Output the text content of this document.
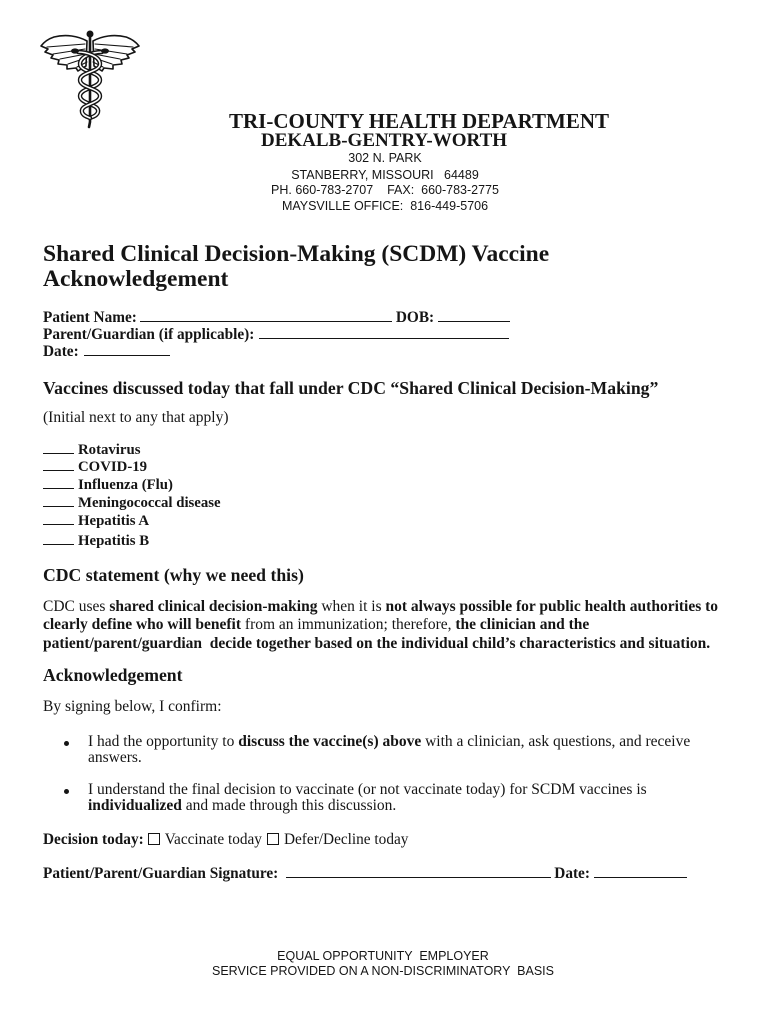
TRI-COUNTY HEALTH DEPARTMENT
DEKALB-GENTRY-WORTH
302 N. PARK
STANBERRY, MISSOURI   64489
PH. 660-783-2707    FAX:  660-783-2775
MAYSVILLE OFFICE:  816-449-5706
Shared Clinical Decision-Making (SCDM) Vaccine
Acknowledgement
Patient Name:	DOB:
Parent/Guardian (if applicable):
Date:
Vaccines discussed today that fall under CDC “Shared Clinical Decision-Making”
(Initial next to any that apply)
Rotavirus
COVID-19
Influenza (Flu)
Meningococcal disease
Hepatitis A
Hepatitis B
CDC statement (why we need this)
CDC uses shared clinical decision-making when it is not always possible for public health authorities to
clearly define who will benefit from an immunization; therefore, the clinician and the
patient/parent/guardian  decide together based on the individual child’s characteristics and situation.
Acknowledgement
By signing below, I confirm:
I had the opportunity to discuss the vaccine(s) above with a clinician, ask questions, and receive
answers.
I understand the final decision to vaccinate (or not vaccinate today) for SCDM vaccines is
individualized and made through this discussion.
Decision today: Vaccinate today Defer/Decline today
Patient/Parent/Guardian Signature:	Date:
EQUAL OPPORTUNITY  EMPLOYER
SERVICE PROVIDED ON A NON-DISCRIMINATORY  BASIS
